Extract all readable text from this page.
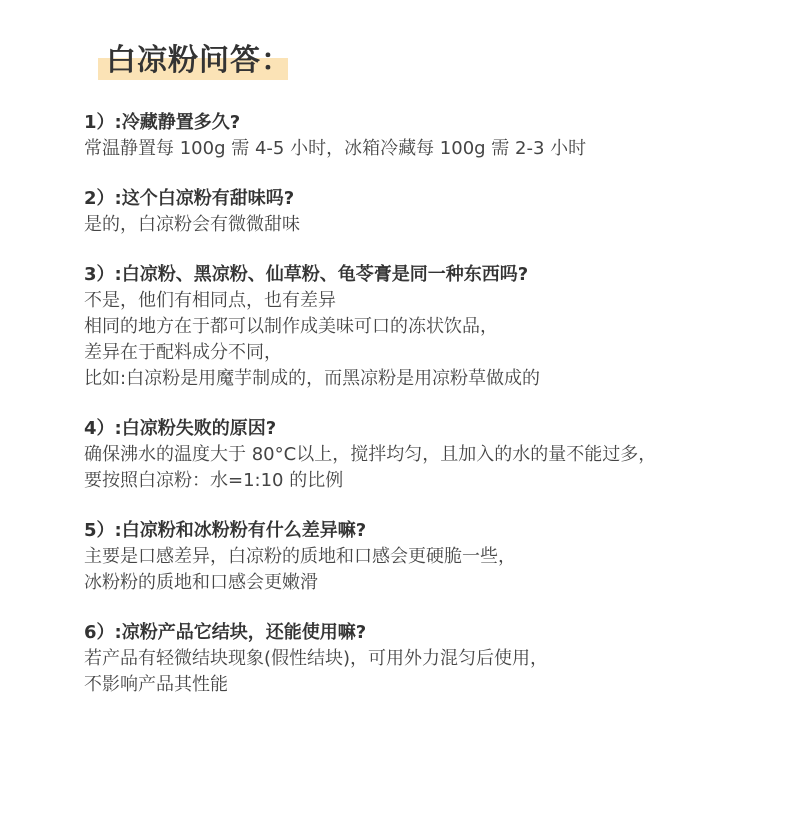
白凉粉问答：

1）:冷藏静置多久?

常温静置每 100g 需 4-5 小时，冰箱冷藏每 100g 需 2-3 小时

2）:这个白凉粉有甜味吗?

是的，白凉粉会有微微甜味

3）:白凉粉、黑凉粉、仙草粉、龟苓膏是同一种东西吗?

不是，他们有相同点，也有差异

相同的地方在于都可以制作成美味可口的冻状饮品，

差异在于配料成分不同，

比如:白凉粉是用魔芋制成的，而黑凉粉是用凉粉草做成的

4）:白凉粉失败的原因?

确保沸水的温度大于 80°C以上，搅拌均匀，且加入的水的量不能过多，

要按照白凉粉：水=1:10 的比例

5）:白凉粉和冰粉粉有什么差异嘛?

主要是口感差异，白凉粉的质地和口感会更硬脆一些，

冰粉粉的质地和口感会更嫩滑

6）:凉粉产品它结块，还能使用嘛?

若产品有轻微结块现象(假性结块)，可用外力混匀后使用，

不影响产品其性能
